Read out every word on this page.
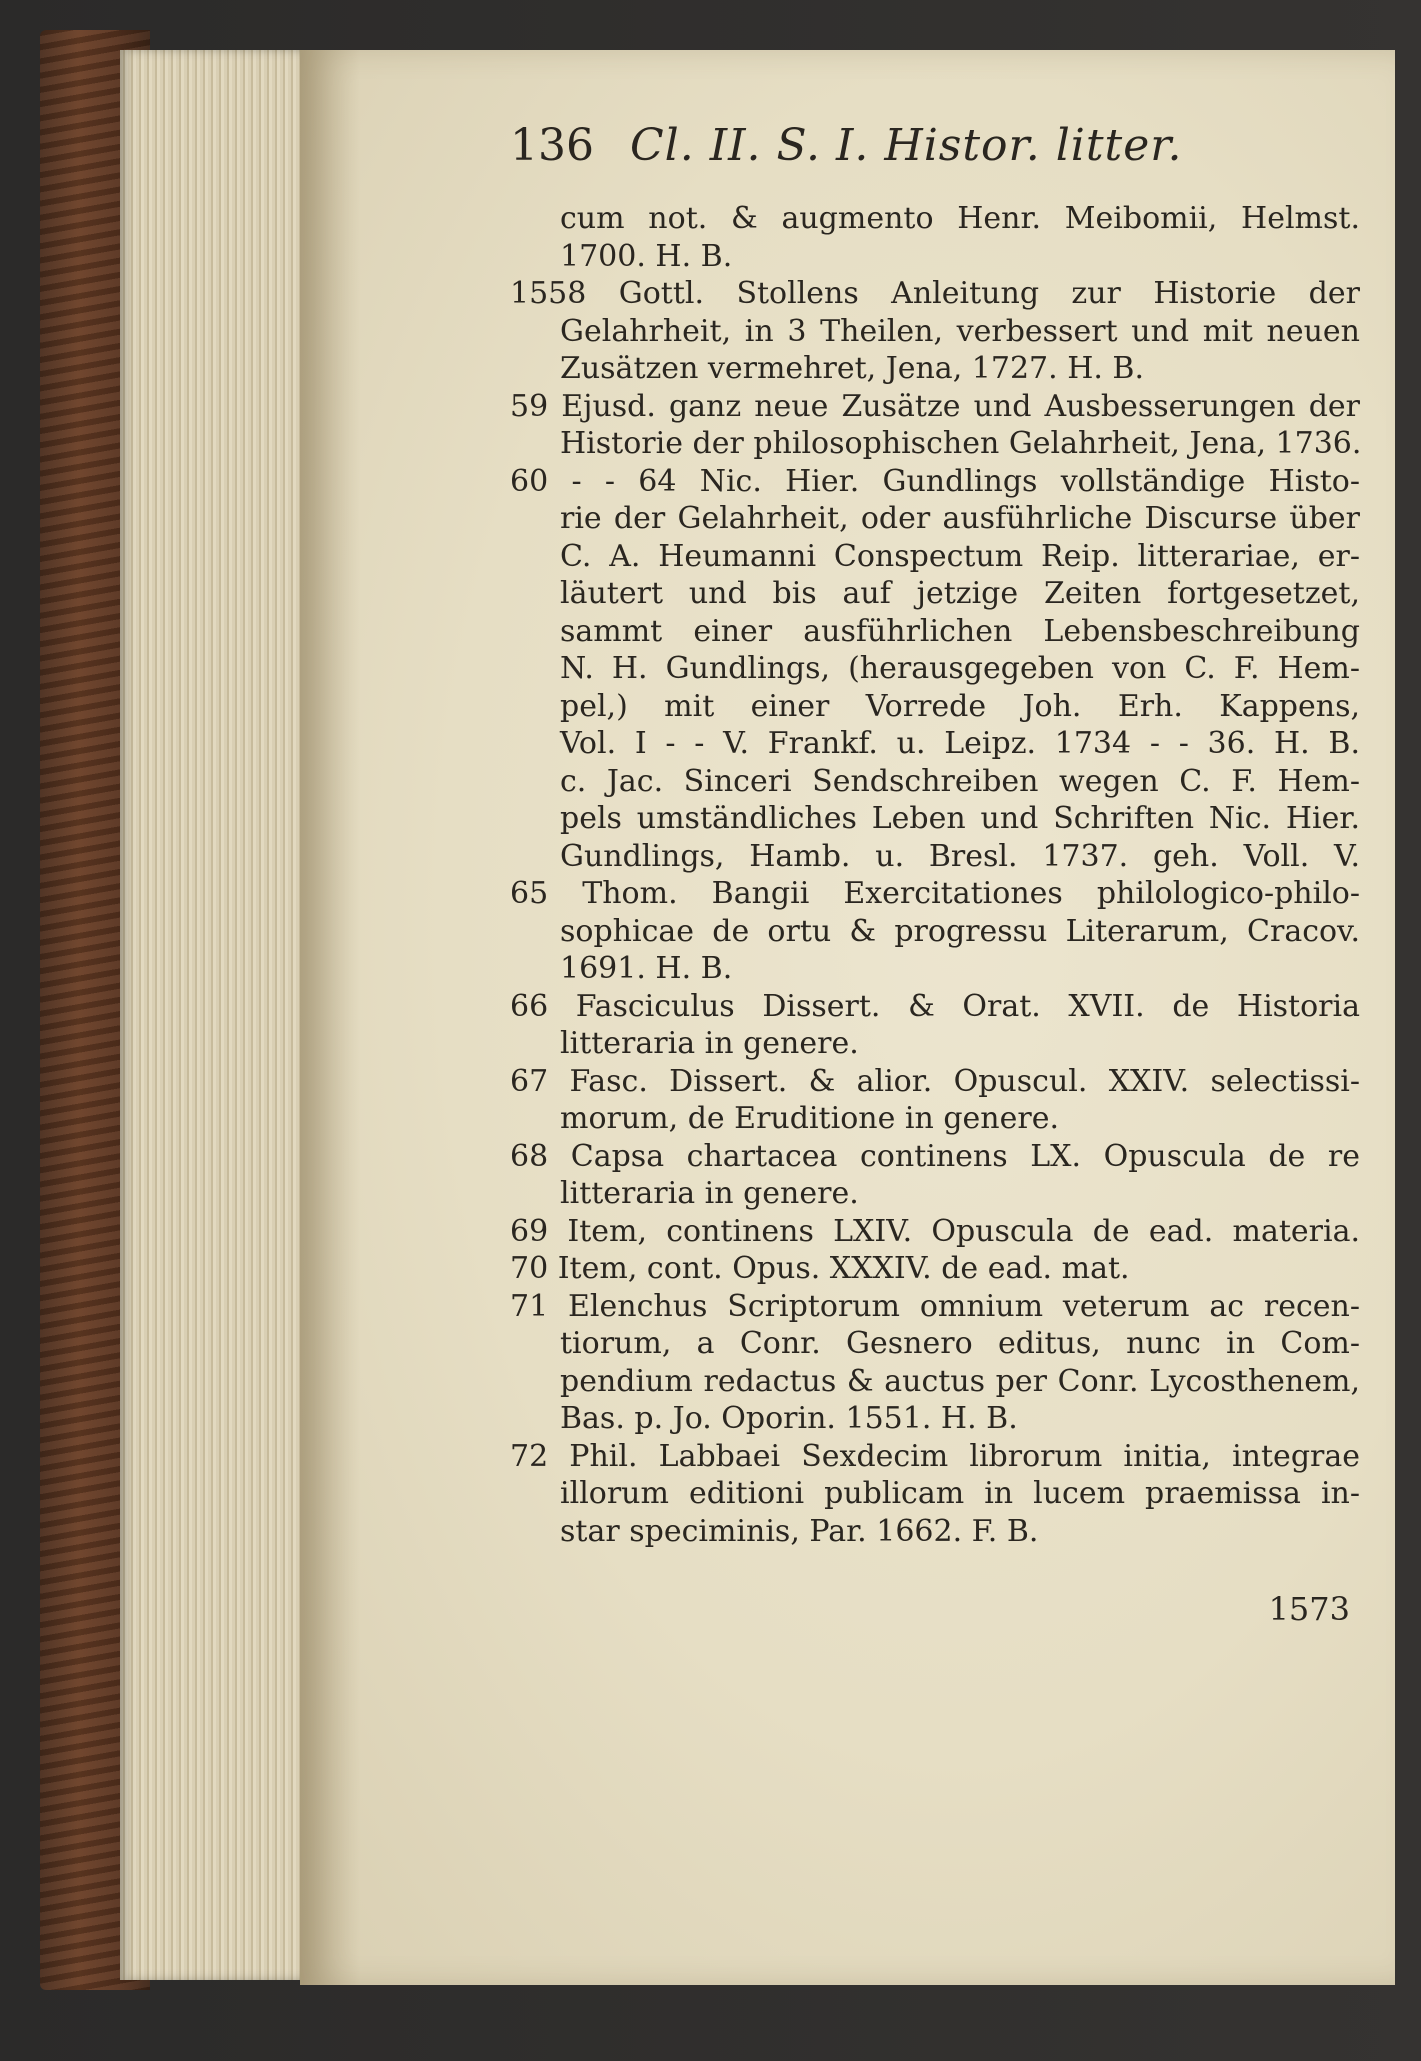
136 Cl. II. S. I. Histor. litter.
cum not. & augmento Henr. Meibomii, Helmst.
1700. H. B.
1558 Gottl. Stollens Anleitung zur Historie der
Gelahrheit, in 3 Theilen, verbessert und mit neuen
Zusätzen vermehret, Jena, 1727. H. B.
59 Ejusd. ganz neue Zusätze und Ausbesserungen der
Historie der philosophischen Gelahrheit, Jena, 1736.
60 - - 64 Nic. Hier. Gundlings vollständige Histo-
rie der Gelahrheit, oder ausführliche Discurse über
C. A. Heumanni Conspectum Reip. litterariae, er-
läutert und bis auf jetzige Zeiten fortgesetzet,
sammt einer ausführlichen Lebensbeschreibung
N. H. Gundlings, (herausgegeben von C. F. Hem-
pel,) mit einer Vorrede Joh. Erh. Kappens,
Vol. I - - V. Frankf. u. Leipz. 1734 - - 36. H. B.
c. Jac. Sinceri Sendschreiben wegen C. F. Hem-
pels umständliches Leben und Schriften Nic. Hier.
Gundlings, Hamb. u. Bresl. 1737. geh. Voll. V.
65 Thom. Bangii Exercitationes philologico-philo-
sophicae de ortu & progressu Literarum, Cracov.
1691. H. B.
66 Fasciculus Dissert. & Orat. XVII. de Historia
litteraria in genere.
67 Fasc. Dissert. & alior. Opuscul. XXIV. selectissi-
morum, de Eruditione in genere.
68 Capsa chartacea continens LX. Opuscula de re
litteraria in genere.
69 Item, continens LXIV. Opuscula de ead. materia.
70 Item, cont. Opus. XXXIV. de ead. mat.
71 Elenchus Scriptorum omnium veterum ac recen-
tiorum, a Conr. Gesnero editus, nunc in Com-
pendium redactus & auctus per Conr. Lycosthenem,
Bas. p. Jo. Oporin. 1551. H. B.
72 Phil. Labbaei Sexdecim librorum initia, integrae
illorum editioni publicam in lucem praemissa in-
star speciminis, Par. 1662. F. B.
1573
